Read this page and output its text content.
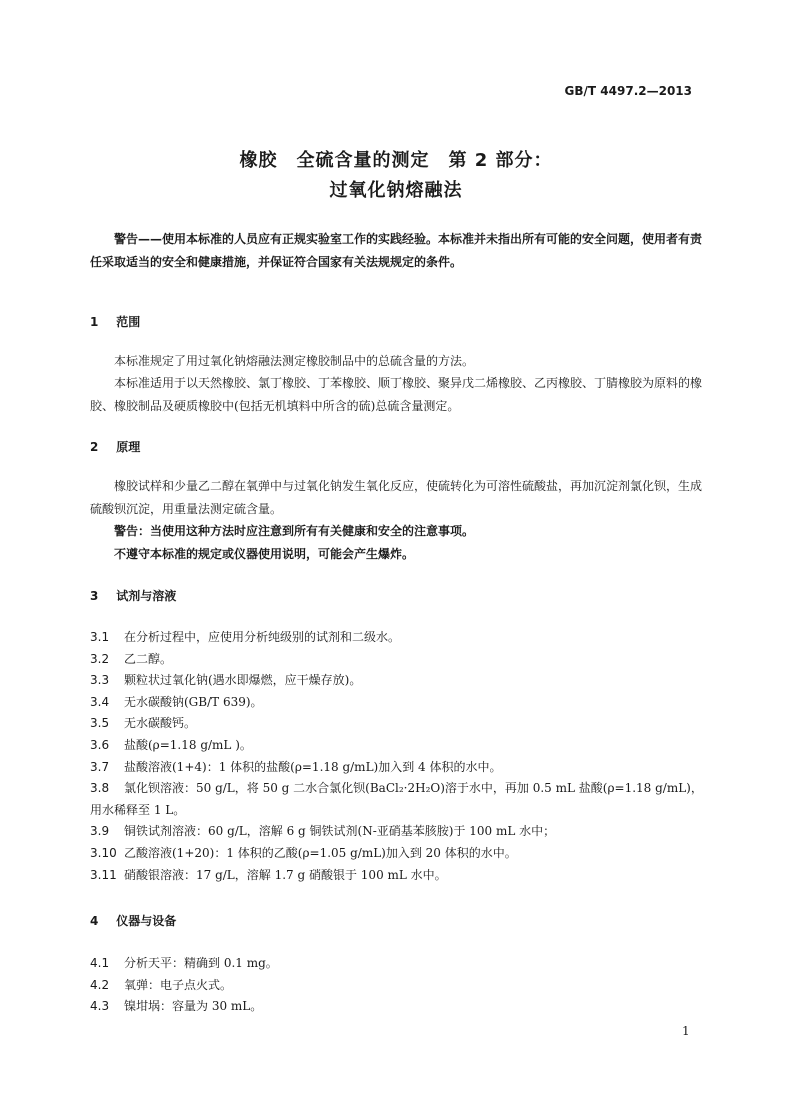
GB/T 4497.2—2013
橡胶　全硫含量的测定　第 2 部分：
过氧化钠熔融法
警告——使用本标准的人员应有正规实验室工作的实践经验。本标准并未指出所有可能的安全问题，使用者有责任采取适当的安全和健康措施，并保证符合国家有关法规规定的条件。
1 范围
本标准规定了用过氧化钠熔融法测定橡胶制品中的总硫含量的方法。
本标准适用于以天然橡胶、氯丁橡胶、丁苯橡胶、顺丁橡胶、聚异戊二烯橡胶、乙丙橡胶、丁腈橡胶为原料的橡胶、橡胶制品及硬质橡胶中(包括无机填料中所含的硫)总硫含量测定。
2 原理
橡胶试样和少量乙二醇在氧弹中与过氧化钠发生氧化反应，使硫转化为可溶性硫酸盐，再加沉淀剂氯化钡，生成硫酸钡沉淀，用重量法测定硫含量。
警告：当使用这种方法时应注意到所有有关健康和安全的注意事项。
不遵守本标准的规定或仪器使用说明，可能会产生爆炸。
3 试剂与溶液
3.1 在分析过程中，应使用分析纯级别的试剂和二级水。
3.2 乙二醇。
3.3 颗粒状过氧化钠(遇水即爆燃，应干燥存放)。
3.4 无水碳酸钠(GB/T 639)。
3.5 无水碳酸钙。
3.6 盐酸(ρ=1.18 g/mL )。
3.7 盐酸溶液(1+4)：1 体积的盐酸(ρ=1.18 g/mL)加入到 4 体积的水中。
3.8 氯化钡溶液：50 g/L，将 50 g 二水合氯化钡(BaCl₂·2H₂O)溶于水中，再加 0.5 mL 盐酸(ρ=1.18 g/mL)，用水稀释至 1 L。
3.9 铜铁试剂溶液：60 g/L，溶解 6 g 铜铁试剂(N-亚硝基苯胲胺)于 100 mL 水中；
3.10 乙酸溶液(1+20)：1 体积的乙酸(ρ=1.05 g/mL)加入到 20 体积的水中。
3.11 硝酸银溶液：17 g/L，溶解 1.7 g 硝酸银于 100 mL 水中。
4 仪器与设备
4.1 分析天平：精确到 0.1 mg。
4.2 氧弹：电子点火式。
4.3 镍坩埚：容量为 30 mL。
1
